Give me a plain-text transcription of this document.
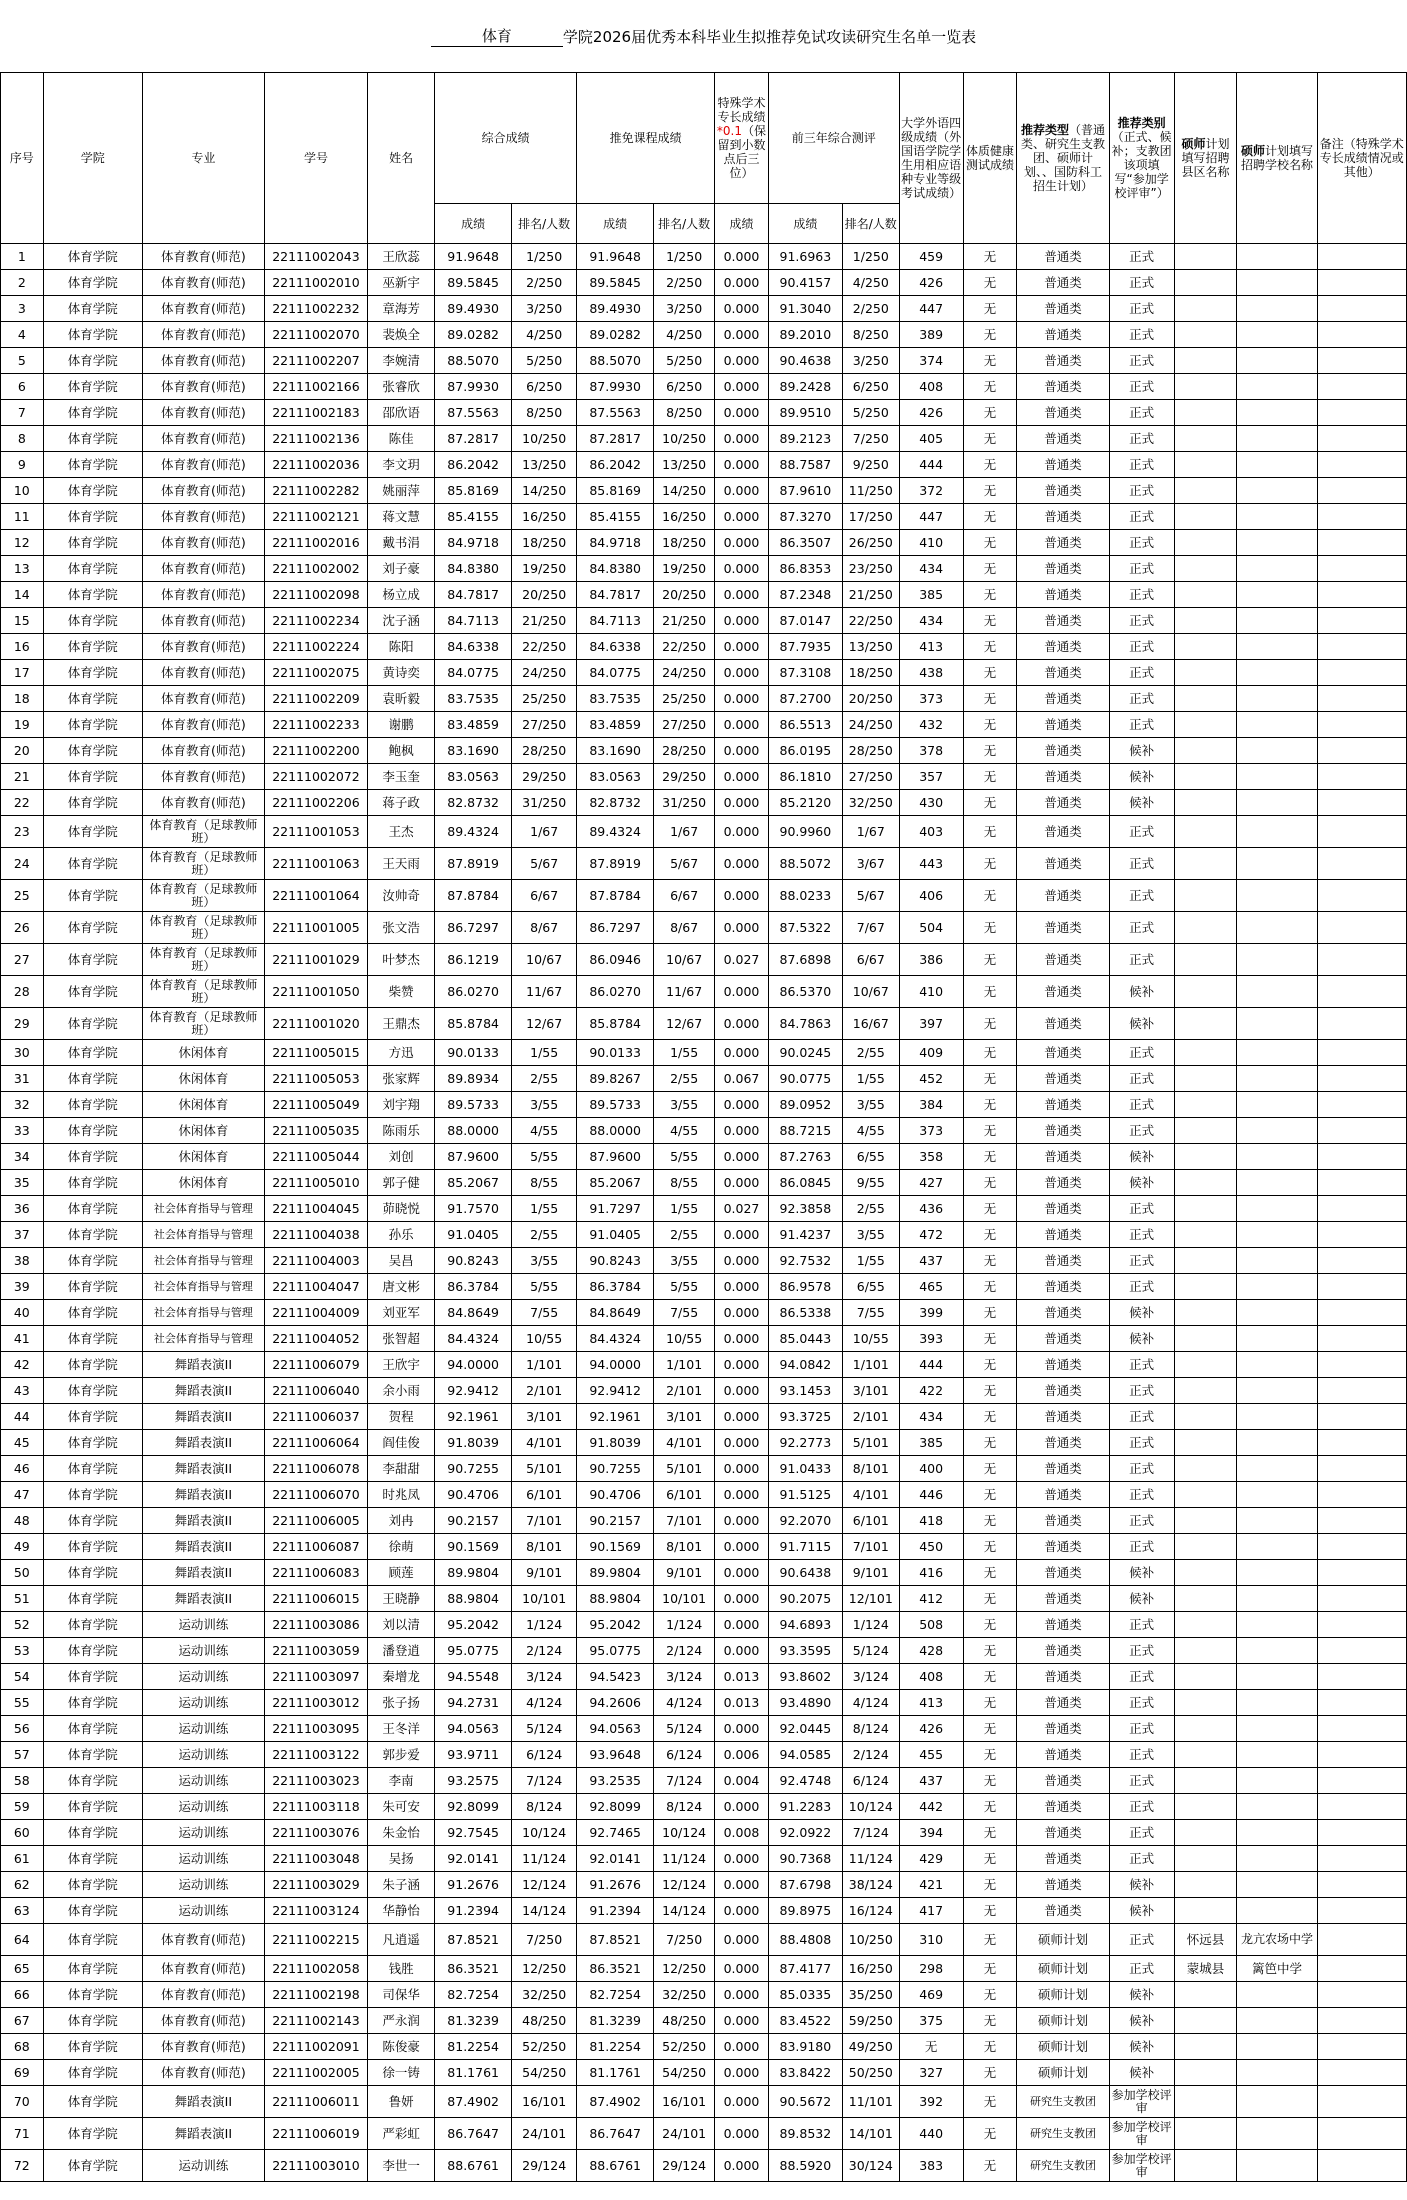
体育	学院2026届优秀本科毕业生拟推荐免试攻读研究生名单一览表
序号	学院	专业	学号	姓名	综合成绩		推免课程成绩		特殊学术专长成绩*0.1（保留到小数点后三位）	前三年综合测评		大学外语四级成绩（外国语学院学生用相应语种专业等级考试成绩）	体质健康测试成绩	推荐类型（普通类、研究生支教团、硕师计划、、国防科工招生计划）	推荐类别（正式、候补；支教团该项填写“参加学校评审”）	硕师计划填写招聘县区名称	硕师计划填写招聘学校名称	备注（特殊学术专长成绩情况或其他）
					成绩	排名/人数	成绩	排名/人数	成绩	成绩	排名/人数							
1	体育学院	体育教育(师范)	22111002043	王欣蕊	91.9648	1/250	91.9648	1/250	0.000	91.6963	1/250	459	无	普通类	正式			
2	体育学院	体育教育(师范)	22111002010	巫新宇	89.5845	2/250	89.5845	2/250	0.000	90.4157	4/250	426	无	普通类	正式			
3	体育学院	体育教育(师范)	22111002232	章海芳	89.4930	3/250	89.4930	3/250	0.000	91.3040	2/250	447	无	普通类	正式			
4	体育学院	体育教育(师范)	22111002070	裴焕全	89.0282	4/250	89.0282	4/250	0.000	89.2010	8/250	389	无	普通类	正式			
5	体育学院	体育教育(师范)	22111002207	李婉清	88.5070	5/250	88.5070	5/250	0.000	90.4638	3/250	374	无	普通类	正式			
6	体育学院	体育教育(师范)	22111002166	张睿欣	87.9930	6/250	87.9930	6/250	0.000	89.2428	6/250	408	无	普通类	正式			
7	体育学院	体育教育(师范)	22111002183	邵欣语	87.5563	8/250	87.5563	8/250	0.000	89.9510	5/250	426	无	普通类	正式			
8	体育学院	体育教育(师范)	22111002136	陈佳	87.2817	10/250	87.2817	10/250	0.000	89.2123	7/250	405	无	普通类	正式			
9	体育学院	体育教育(师范)	22111002036	李文玥	86.2042	13/250	86.2042	13/250	0.000	88.7587	9/250	444	无	普通类	正式			
10	体育学院	体育教育(师范)	22111002282	姚丽萍	85.8169	14/250	85.8169	14/250	0.000	87.9610	11/250	372	无	普通类	正式			
11	体育学院	体育教育(师范)	22111002121	蒋文慧	85.4155	16/250	85.4155	16/250	0.000	87.3270	17/250	447	无	普通类	正式			
12	体育学院	体育教育(师范)	22111002016	戴书涓	84.9718	18/250	84.9718	18/250	0.000	86.3507	26/250	410	无	普通类	正式			
13	体育学院	体育教育(师范)	22111002002	刘子豪	84.8380	19/250	84.8380	19/250	0.000	86.8353	23/250	434	无	普通类	正式			
14	体育学院	体育教育(师范)	22111002098	杨立成	84.7817	20/250	84.7817	20/250	0.000	87.2348	21/250	385	无	普通类	正式			
15	体育学院	体育教育(师范)	22111002234	沈子涵	84.7113	21/250	84.7113	21/250	0.000	87.0147	22/250	434	无	普通类	正式			
16	体育学院	体育教育(师范)	22111002224	陈阳	84.6338	22/250	84.6338	22/250	0.000	87.7935	13/250	413	无	普通类	正式			
17	体育学院	体育教育(师范)	22111002075	黄诗奕	84.0775	24/250	84.0775	24/250	0.000	87.3108	18/250	438	无	普通类	正式			
18	体育学院	体育教育(师范)	22111002209	袁昕毅	83.7535	25/250	83.7535	25/250	0.000	87.2700	20/250	373	无	普通类	正式			
19	体育学院	体育教育(师范)	22111002233	谢鹏	83.4859	27/250	83.4859	27/250	0.000	86.5513	24/250	432	无	普通类	正式			
20	体育学院	体育教育(师范)	22111002200	鲍枫	83.1690	28/250	83.1690	28/250	0.000	86.0195	28/250	378	无	普通类	候补			
21	体育学院	体育教育(师范)	22111002072	李玉奎	83.0563	29/250	83.0563	29/250	0.000	86.1810	27/250	357	无	普通类	候补			
22	体育学院	体育教育(师范)	22111002206	蒋子政	82.8732	31/250	82.8732	31/250	0.000	85.2120	32/250	430	无	普通类	候补			
23	体育学院	体育教育（足球教师班）	22111001053	王杰	89.4324	1/67	89.4324	1/67	0.000	90.9960	1/67	403	无	普通类	正式			
24	体育学院	体育教育（足球教师班）	22111001063	王天雨	87.8919	5/67	87.8919	5/67	0.000	88.5072	3/67	443	无	普通类	正式			
25	体育学院	体育教育（足球教师班）	22111001064	汝帅奇	87.8784	6/67	87.8784	6/67	0.000	88.0233	5/67	406	无	普通类	正式			
26	体育学院	体育教育（足球教师班）	22111001005	张文浩	86.7297	8/67	86.7297	8/67	0.000	87.5322	7/67	504	无	普通类	正式			
27	体育学院	体育教育（足球教师班）	22111001029	叶梦杰	86.1219	10/67	86.0946	10/67	0.027	87.6898	6/67	386	无	普通类	正式			
28	体育学院	体育教育（足球教师班）	22111001050	柴赞	86.0270	11/67	86.0270	11/67	0.000	86.5370	10/67	410	无	普通类	候补			
29	体育学院	体育教育（足球教师班）	22111001020	王鼎杰	85.8784	12/67	85.8784	12/67	0.000	84.7863	16/67	397	无	普通类	候补			
30	体育学院	休闲体育	22111005015	方迅	90.0133	1/55	90.0133	1/55	0.000	90.0245	2/55	409	无	普通类	正式			
31	体育学院	休闲体育	22111005053	张家辉	89.8934	2/55	89.8267	2/55	0.067	90.0775	1/55	452	无	普通类	正式			
32	体育学院	休闲体育	22111005049	刘宇翔	89.5733	3/55	89.5733	3/55	0.000	89.0952	3/55	384	无	普通类	正式			
33	体育学院	休闲体育	22111005035	陈雨乐	88.0000	4/55	88.0000	4/55	0.000	88.7215	4/55	373	无	普通类	正式			
34	体育学院	休闲体育	22111005044	刘创	87.9600	5/55	87.9600	5/55	0.000	87.2763	6/55	358	无	普通类	候补			
35	体育学院	休闲体育	22111005010	郭子健	85.2067	8/55	85.2067	8/55	0.000	86.0845	9/55	427	无	普通类	候补			
36	体育学院	社会体育指导与管理	22111004045	茆晓悦	91.7570	1/55	91.7297	1/55	0.027	92.3858	2/55	436	无	普通类	正式			
37	体育学院	社会体育指导与管理	22111004038	孙乐	91.0405	2/55	91.0405	2/55	0.000	91.4237	3/55	472	无	普通类	正式			
38	体育学院	社会体育指导与管理	22111004003	吴昌	90.8243	3/55	90.8243	3/55	0.000	92.7532	1/55	437	无	普通类	正式			
39	体育学院	社会体育指导与管理	22111004047	唐文彬	86.3784	5/55	86.3784	5/55	0.000	86.9578	6/55	465	无	普通类	正式			
40	体育学院	社会体育指导与管理	22111004009	刘亚军	84.8649	7/55	84.8649	7/55	0.000	86.5338	7/55	399	无	普通类	候补			
41	体育学院	社会体育指导与管理	22111004052	张智超	84.4324	10/55	84.4324	10/55	0.000	85.0443	10/55	393	无	普通类	候补			
42	体育学院	舞蹈表演II	22111006079	王欣宇	94.0000	1/101	94.0000	1/101	0.000	94.0842	1/101	444	无	普通类	正式			
43	体育学院	舞蹈表演II	22111006040	余小雨	92.9412	2/101	92.9412	2/101	0.000	93.1453	3/101	422	无	普通类	正式			
44	体育学院	舞蹈表演II	22111006037	贺程	92.1961	3/101	92.1961	3/101	0.000	93.3725	2/101	434	无	普通类	正式			
45	体育学院	舞蹈表演II	22111006064	阎佳俊	91.8039	4/101	91.8039	4/101	0.000	92.2773	5/101	385	无	普通类	正式			
46	体育学院	舞蹈表演II	22111006078	李甜甜	90.7255	5/101	90.7255	5/101	0.000	91.0433	8/101	400	无	普通类	正式			
47	体育学院	舞蹈表演II	22111006070	时兆凤	90.4706	6/101	90.4706	6/101	0.000	91.5125	4/101	446	无	普通类	正式			
48	体育学院	舞蹈表演II	22111006005	刘冉	90.2157	7/101	90.2157	7/101	0.000	92.2070	6/101	418	无	普通类	正式			
49	体育学院	舞蹈表演II	22111006087	徐萌	90.1569	8/101	90.1569	8/101	0.000	91.7115	7/101	450	无	普通类	正式			
50	体育学院	舞蹈表演II	22111006083	顾莲	89.9804	9/101	89.9804	9/101	0.000	90.6438	9/101	416	无	普通类	候补			
51	体育学院	舞蹈表演II	22111006015	王晓静	88.9804	10/101	88.9804	10/101	0.000	90.2075	12/101	412	无	普通类	候补			
52	体育学院	运动训练	22111003086	刘以清	95.2042	1/124	95.2042	1/124	0.000	94.6893	1/124	508	无	普通类	正式			
53	体育学院	运动训练	22111003059	潘登逍	95.0775	2/124	95.0775	2/124	0.000	93.3595	5/124	428	无	普通类	正式			
54	体育学院	运动训练	22111003097	秦增龙	94.5548	3/124	94.5423	3/124	0.013	93.8602	3/124	408	无	普通类	正式			
55	体育学院	运动训练	22111003012	张子扬	94.2731	4/124	94.2606	4/124	0.013	93.4890	4/124	413	无	普通类	正式			
56	体育学院	运动训练	22111003095	王冬洋	94.0563	5/124	94.0563	5/124	0.000	92.0445	8/124	426	无	普通类	正式			
57	体育学院	运动训练	22111003122	郭步爱	93.9711	6/124	93.9648	6/124	0.006	94.0585	2/124	455	无	普通类	正式			
58	体育学院	运动训练	22111003023	李南	93.2575	7/124	93.2535	7/124	0.004	92.4748	6/124	437	无	普通类	正式			
59	体育学院	运动训练	22111003118	朱可安	92.8099	8/124	92.8099	8/124	0.000	91.2283	10/124	442	无	普通类	正式			
60	体育学院	运动训练	22111003076	朱金怡	92.7545	10/124	92.7465	10/124	0.008	92.0922	7/124	394	无	普通类	正式			
61	体育学院	运动训练	22111003048	吴扬	92.0141	11/124	92.0141	11/124	0.000	90.7368	11/124	429	无	普通类	正式			
62	体育学院	运动训练	22111003029	朱子涵	91.2676	12/124	91.2676	12/124	0.000	87.6798	38/124	421	无	普通类	候补			
63	体育学院	运动训练	22111003124	华静怡	91.2394	14/124	91.2394	14/124	0.000	89.8975	16/124	417	无	普通类	候补			
64	体育学院	体育教育(师范)	22111002215	凡逍遥	87.8521	7/250	87.8521	7/250	0.000	88.4808	10/250	310	无	硕师计划	正式	怀远县	龙亢农场中学	
65	体育学院	体育教育(师范)	22111002058	钱胜	86.3521	12/250	86.3521	12/250	0.000	87.4177	16/250	298	无	硕师计划	正式	蒙城县	篱笆中学	
66	体育学院	体育教育(师范)	22111002198	司保华	82.7254	32/250	82.7254	32/250	0.000	85.0335	35/250	469	无	硕师计划	候补			
67	体育学院	体育教育(师范)	22111002143	严永润	81.3239	48/250	81.3239	48/250	0.000	83.4522	59/250	375	无	硕师计划	候补			
68	体育学院	体育教育(师范)	22111002091	陈俊豪	81.2254	52/250	81.2254	52/250	0.000	83.9180	49/250	无	无	硕师计划	候补			
69	体育学院	体育教育(师范)	22111002005	徐一铸	81.1761	54/250	81.1761	54/250	0.000	83.8422	50/250	327	无	硕师计划	候补			
70	体育学院	舞蹈表演II	22111006011	鲁妍	87.4902	16/101	87.4902	16/101	0.000	90.5672	11/101	392	无	研究生支教团	参加学校评审			
71	体育学院	舞蹈表演II	22111006019	严彩虹	86.7647	24/101	86.7647	24/101	0.000	89.8532	14/101	440	无	研究生支教团	参加学校评审			
72	体育学院	运动训练	22111003010	李世一	88.6761	29/124	88.6761	29/124	0.000	88.5920	30/124	383	无	研究生支教团	参加学校评审			
